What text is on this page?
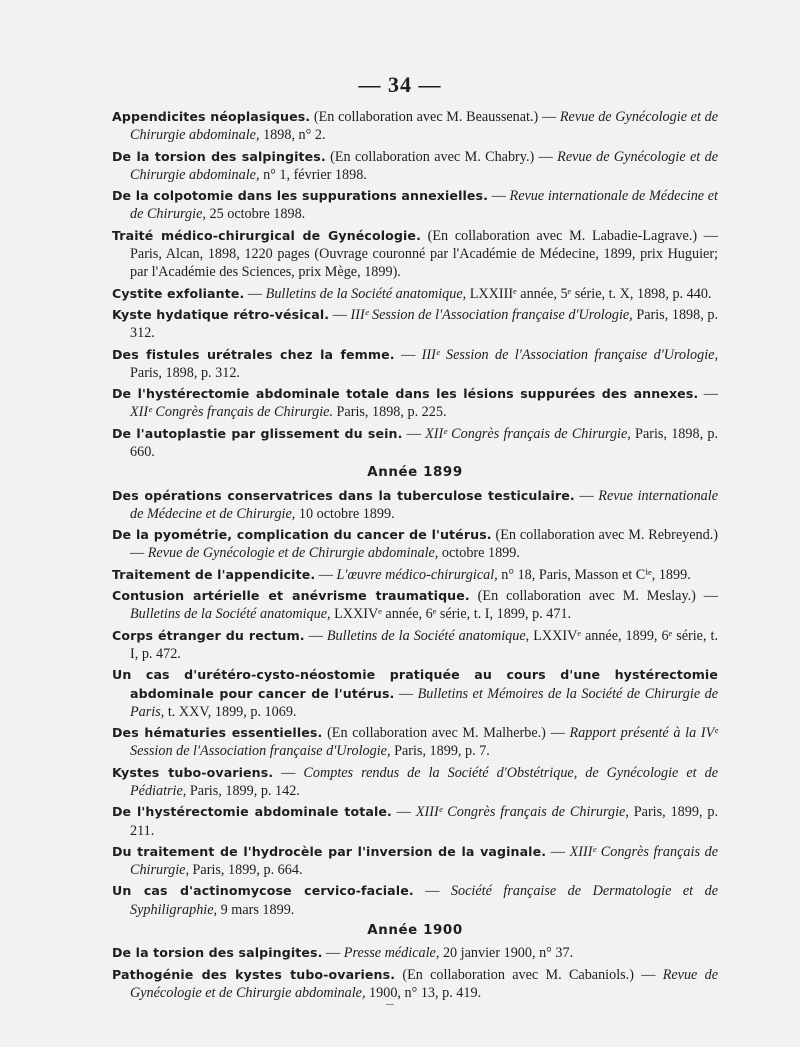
— 34 —

Appendicites néoplasiques. (En collaboration avec M. Beaussenat.) — Revue de Gynécologie et de Chirurgie abdominale, 1898, n° 2.

De la torsion des salpingites. (En collaboration avec M. Chabry.) — Revue de Gynécologie et de Chirurgie abdominale, n° 1, février 1898.

De la colpotomie dans les suppurations annexielles. — Revue internationale de Médecine et de Chirurgie, 25 octobre 1898.

Traité médico-chirurgical de Gynécologie. (En collaboration avec M. Labadie-Lagrave.) — Paris, Alcan, 1898, 1220 pages (Ouvrage couronné par l'Académie de Médecine, 1899, prix Huguier; par l'Académie des Sciences, prix Mège, 1899).

Cystite exfoliante. — Bulletins de la Société anatomique, LXXIIIᵉ année, 5ᵉ série, t. X, 1898, p. 440.

Kyste hydatique rétro-vésical. — IIIᵉ Session de l'Association française d'Urologie, Paris, 1898, p. 312.

Des fistules urétrales chez la femme. — IIIᵉ Session de l'Association française d'Urologie, Paris, 1898, p. 312.

De l'hystérectomie abdominale totale dans les lésions suppurées des annexes. — XIIᵉ Congrès français de Chirurgie. Paris, 1898, p. 225.

De l'autoplastie par glissement du sein. — XIIᵉ Congrès français de Chirurgie, Paris, 1898, p. 660.

Année 1899

Des opérations conservatrices dans la tuberculose testiculaire. — Revue internationale de Médecine et de Chirurgie, 10 octobre 1899.

De la pyométrie, complication du cancer de l'utérus. (En collaboration avec M. Rebreyend.) — Revue de Gynécologie et de Chirurgie abdominale, octobre 1899.

Traitement de l'appendicite. — L'œuvre médico-chirurgical, n° 18, Paris, Masson et Cⁱᵉ, 1899.

Contusion artérielle et anévrisme traumatique. (En collaboration avec M. Meslay.) — Bulletins de la Société anatomique, LXXIVᵉ année, 6ᵉ série, t. I, 1899, p. 471.

Corps étranger du rectum. — Bulletins de la Société anatomique, LXXIVᵉ année, 1899, 6ᵉ série, t. I, p. 472.

Un cas d'urétéro-cysto-néostomie pratiquée au cours d'une hystérectomie abdominale pour cancer de l'utérus. — Bulletins et Mémoires de la Société de Chirurgie de Paris, t. XXV, 1899, p. 1069.

Des hématuries essentielles. (En collaboration avec M. Malherbe.) — Rapport présenté à la IVᵉ Session de l'Association française d'Urologie, Paris, 1899, p. 7.

Kystes tubo-ovariens. — Comptes rendus de la Société d'Obstétrique, de Gynécologie et de Pédiatrie, Paris, 1899, p. 142.

De l'hystérectomie abdominale totale. — XIIIᵉ Congrès français de Chirurgie, Paris, 1899, p. 211.

Du traitement de l'hydrocèle par l'inversion de la vaginale. — XIIIᵉ Congrès français de Chirurgie, Paris, 1899, p. 664.

Un cas d'actinomycose cervico-faciale. — Société française de Dermatologie et de Syphiligraphie, 9 mars 1899.

Année 1900

De la torsion des salpingites. — Presse médicale, 20 janvier 1900, n° 37.

Pathogénie des kystes tubo-ovariens. (En collaboration avec M. Cabaniols.) — Revue de Gynécologie et de Chirurgie abdominale, 1900, n° 13, p. 419.
